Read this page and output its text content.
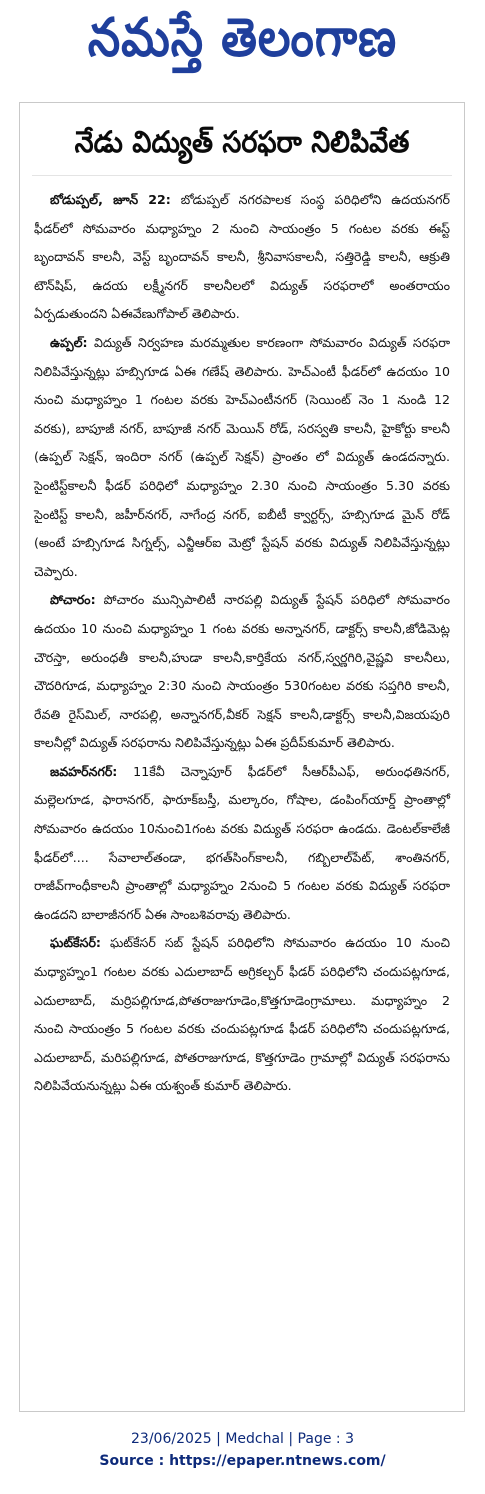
నమస్తే తెలంగాణ
నేడు విద్యుత్ సరఫరా నిలిపివేత

బోడుప్పల్, జూన్ 22: బోడుప్పల్ నగరపాలక సంస్థ పరిధిలోని ఉదయనగర్ ఫీడర్‌లో సోమవారం మధ్యాహ్నం 2 నుంచి సాయంత్రం 5 గంటల వరకు ఈస్ట్ బృందావన్ కాలనీ, వెస్ట్ బృందావన్ కాలనీ, శ్రీనివాసకాలనీ, సత్తిరెడ్డి కాలనీ, ఆక్రుతి టౌన్‌షిప్, ఉదయ లక్ష్మీనగర్ కాలనీలలో విద్యుత్ సరఫరాలో అంతరాయం ఏర్పడుతుందని ఏఈవేణుగోపాల్ తెలిపారు.

ఉప్పల్: విద్యుత్ నిర్వహణ మరమ్మతుల కారణంగా సోమవారం విద్యుత్ సరఫరా నిలిపివేస్తున్నట్లు హబ్సిగూడ ఏఈ గణేష్ తెలిపారు. హెచ్‌ఎంటీ ఫీడర్‌లో ఉదయం 10 నుంచి మధ్యాహ్నం 1 గంటల వరకు హెచ్‌ఎంటీనగర్ (సెయింట్ నెం 1 నుండి 12 వరకు), బాపూజీ నగర్, బాపూజీ నగర్ మెయిన్ రోడ్, సరస్వతి కాలనీ, హైకోర్టు కాలనీ (ఉప్పల్ సెక్షన్, ఇందిరా నగర్ (ఉప్పల్ సెక్షన్) ప్రాంతం లో విద్యుత్ ఉండదన్నారు. సైంటిస్ట్‌కాలనీ ఫీడర్ పరిధిలో మధ్యాహ్నం 2.30 నుంచి సాయంత్రం 5.30 వరకు సైంటిస్ట్ కాలనీ, జహీర్‌నగర్, నాగేంద్ర నగర్, ఐబీటీ క్వార్టర్స్, హబ్సిగూడ మైన్ రోడ్ (అంటే హబ్సిగూడ సిగ్నల్స్, ఎన్జీఆర్ఐ మెట్రో స్టేషన్ వరకు విద్యుత్ నిలిపివేస్తున్నట్లు చెప్పారు.

పోచారం: పోచారం మున్సిపాలిటీ నారపల్లి విద్యుత్ స్టేషన్ పరిధిలో సోమవారం ఉదయం 10 నుంచి మధ్యాహ్నం 1 గంట వరకు అన్నానగర్, డాక్టర్స్ కాలనీ,జోడిమెట్ల చౌరస్తా, అరుంధతీ కాలనీ,హుడా కాలనీ,కార్తికేయ నగర్,స్వర్ణగిరి,వైష్ణవి కాలనీలు, చౌదరిగూడ, మధ్యాహ్నం 2:30 నుంచి సాయంత్రం 530గంటల వరకు సప్తగిరి కాలనీ, రేవతి రైస్‌మిల్, నారపల్లి, అన్నానగర్,వీకర్ సెక్షన్ కాలనీ,డాక్టర్స్ కాలనీ,విజయపురి కాలనీల్లో విద్యుత్ సరఫరాను నిలిపివేస్తున్నట్లు ఏఈ ప్రదీప్‌కుమార్ తెలిపారు.

జవహర్‌నగర్: 11కేవీ చెన్నాపూర్ ఫీడర్‌లో సీఆర్‌పీఎఫ్, అరుంధతినగర్, మల్లెలగూడ, ఫారానగర్, ఫారూక్‌బస్తీ, మల్కారం, గోషాల, డంపింగ్‌యార్డ్ ప్రాంతాల్లో సోమవారం ఉదయం 10నుంచి1గంట వరకు విద్యుత్ సరఫరా ఉండదు. డెంటల్‌కాలేజీ ఫీడర్‌లో.... సేవాలాల్‌తండా, భగత్‌సింగ్‌కాలనీ, గబ్బిలాల్‌పేట్, శాంతినగర్, రాజీవ్‌గాంధీకాలనీ ప్రాంతాల్లో మధ్యాహ్నం 2నుంచి 5 గంటల వరకు విద్యుత్ సరఫరా ఉండదని బాలాజీనగర్ ఏఈ సాంబశివరావు తెలిపారు.

ఘట్‌కేసర్: ఘట్‌కేసర్ సబ్ స్టేషన్ పరిధిలోని సోమవారం ఉదయం 10 నుంచి మధ్యాహ్నం1 గంటల వరకు ఎదులాబాద్ అగ్రికల్చర్ ఫీడర్ పరిధిలోని చందుపట్లగూడ, ఎదులాబాద్, మర్రిపల్లిగూడ,పోతరాజుగూడెం,కొత్తగూడెంగ్రామాలు. మధ్యాహ్నం 2 నుంచి సాయంత్రం 5 గంటల వరకు చందుపట్లగూడ ఫీడర్ పరిధిలోని చందుపట్లగూడ, ఎదులాబాద్, మరిపల్లిగూడ, పోతరాజుగూడ, కొత్తగూడెం గ్రామాల్లో విద్యుత్ సరఫరాను నిలిపివేయనున్నట్లు ఏఈ యశ్వంత్ కుమార్ తెలిపారు.

23/06/2025 | Medchal | Page : 3
Source : https://epaper.ntnews.com/
